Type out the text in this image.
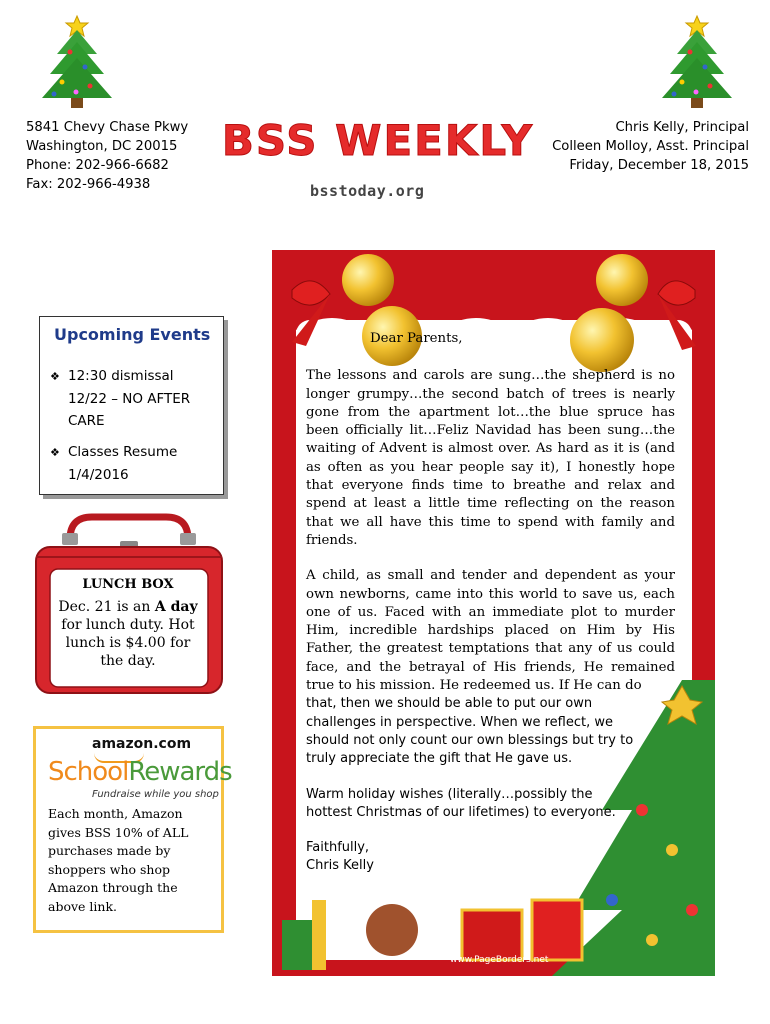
5841 Chevy Chase Pkwy
Washington, DC 20015
Phone: 202-966-6682
Fax: 202-966-4938
BSS WEEKLY
bsstoday.org
Chris Kelly, Principal
Colleen Molloy, Asst. Principal
Friday, December 18, 2015
Upcoming Events
❖ 12:30 dismissal
12/22 – NO AFTER
CARE
❖ Classes Resume
1/4/2016
LUNCH BOX
Dec. 21 is an A day for lunch duty. Hot lunch is $4.00 for the day.
amazon.com
SchoolRewards
Fundraise while you shop
Each month, Amazon gives BSS 10% of ALL purchases made by shoppers who shop Amazon through the above link.

Dear Parents,

The lessons and carols are sung…the shepherd is no longer grumpy…the second batch of trees is nearly gone from the apartment lot…the blue spruce has been officially lit…Feliz Navidad has been sung…the waiting of Advent is almost over. As hard as it is (and as often as you hear people say it), I honestly hope that everyone finds time to breathe and relax and spend at least a little time reflecting on the reason that we all have this time to spend with family and friends.

A child, as small and tender and dependent as your own newborns, came into this world to save us, each one of us. Faced with an immediate plot to murder Him, incredible hardships placed on Him by His Father, the greatest temptations that any of us could face, and the betrayal of His friends, He remained true to his mission. He redeemed us. If He can do

that, then we should be able to put our own challenges in perspective. When we reflect, we should not only count our own blessings but try to truly appreciate the gift that He gave us.

Warm holiday wishes (literally…possibly the hottest Christmas of our lifetimes) to everyone.

Faithfully,
Chris Kelly
www.PageBorders.net
